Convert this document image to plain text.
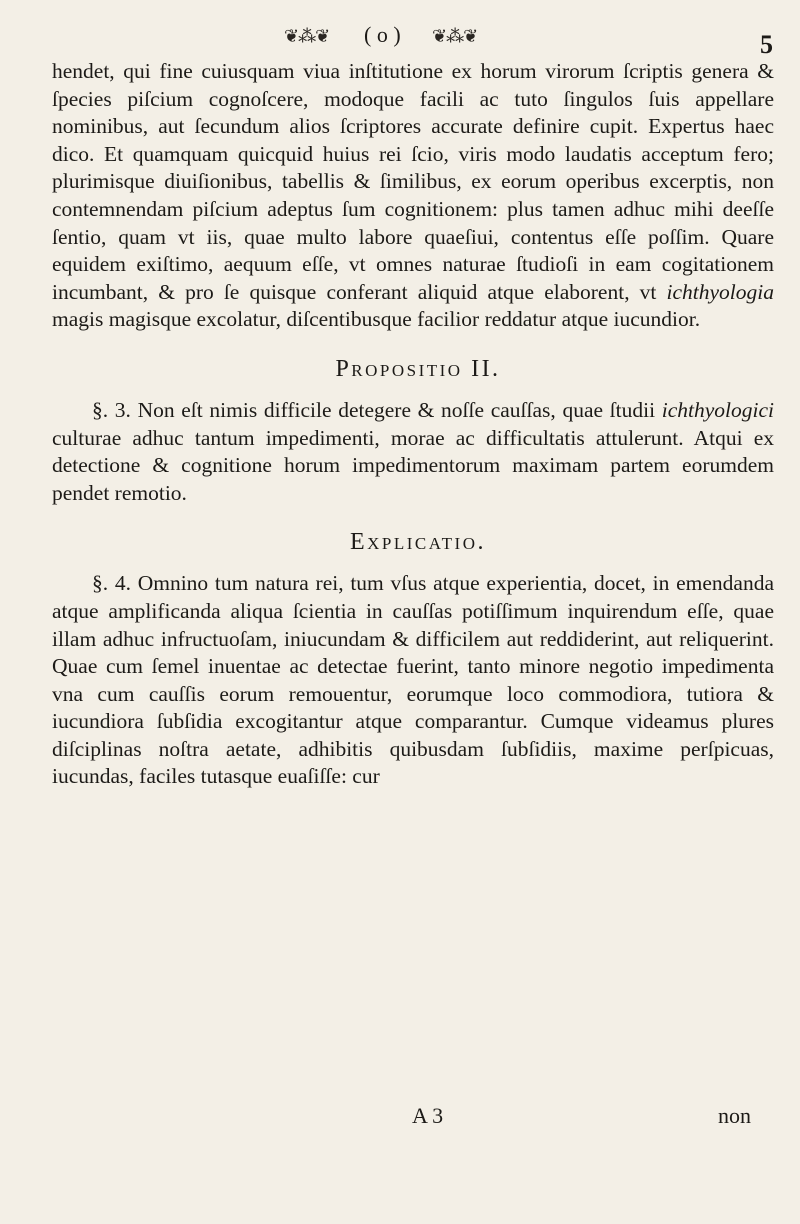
❦⁂❦ ( o ) ❦⁂❦	5

hendet, qui fine cuiusquam viua inſtitutione ex horum virorum ſcriptis genera & ſpecies piſcium cognoſcere, modoque facili ac tuto ſingulos ſuis appellare nominibus, aut ſecundum alios ſcriptores accurate definire cupit. Expertus haec dico. Et quamquam quicquid huius rei ſcio, viris modo laudatis acceptum fero; plurimisque diuiſionibus, tabellis & ſimilibus, ex eorum operibus excerptis, non contemnendam piſcium adeptus ſum cognitionem: plus tamen adhuc mihi deeſſe ſentio, quam vt iis, quae multo labore quaeſiui, contentus eſſe poſſim. Quare equidem exiſtimo, aequum eſſe, vt omnes naturae ſtudioſi in eam cogitationem incumbant, & pro ſe quisque conferant aliquid atque elaborent, vt ichthyologia magis magisque excolatur, diſcentibusque facilior reddatur atque iucundior.

Propositio II.

§. 3. Non eſt nimis difficile detegere & noſſe cauſſas, quae ſtudii ichthyologici culturae adhuc tantum impedimenti, morae ac difficultatis attulerunt. Atqui ex detectione & cognitione horum impedimentorum maximam partem eorumdem pendet remotio.

Explicatio.

§. 4. Omnino tum natura rei, tum vſus atque experientia, docet, in emendanda atque amplificanda aliqua ſcientia in cauſſas potiſſimum inquirendum eſſe, quae illam adhuc infructuoſam, iniucundam & difficilem aut reddiderint, aut reliquerint. Quae cum ſemel inuentae ac detectae fuerint, tanto minore negotio impedimenta vna cum cauſſis eorum remouentur, eorumque loco commodiora, tutiora & iucundiora ſubſidia excogitantur atque comparantur. Cumque videamus plures diſciplinas noſtra aetate, adhibitis quibusdam ſubſidiis, maxime perſpicuas, iucundas, faciles tutasque euaſiſſe: cur

A 3	non
